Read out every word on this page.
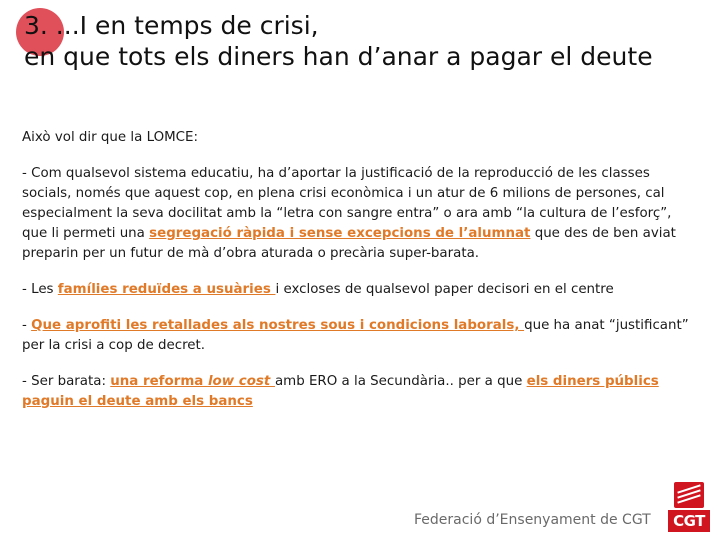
3. ...I en temps de crisi,
en que tots els diners han d’anar a pagar el deute

Això vol dir que la LOMCE:

- Com qualsevol sistema educatiu, ha d’aportar la justificació de la reproducció de les classes socials, només que aquest cop, en plena crisi econòmica i un atur de 6 milions de persones, cal especialment la seva docilitat amb la “letra con sangre entra” o ara amb “la cultura de l’esforç”, que li permeti una segregació ràpida i sense excepcions de l’alumnat que des de ben aviat preparin per un futur de mà d’obra aturada o precària super-barata.

- Les famílies reduïdes a usuàries i excloses de qualsevol paper decisori en el centre

- Que aprofiti les retallades als nostres sous i condicions laborals, que ha anat “justificant” per la crisi a cop de decret.

- Ser barata: una reforma low cost amb ERO a la Secundària.. per a que els diners públics paguin el deute amb els bancs

Federació d’Ensenyament de CGT	CGT
